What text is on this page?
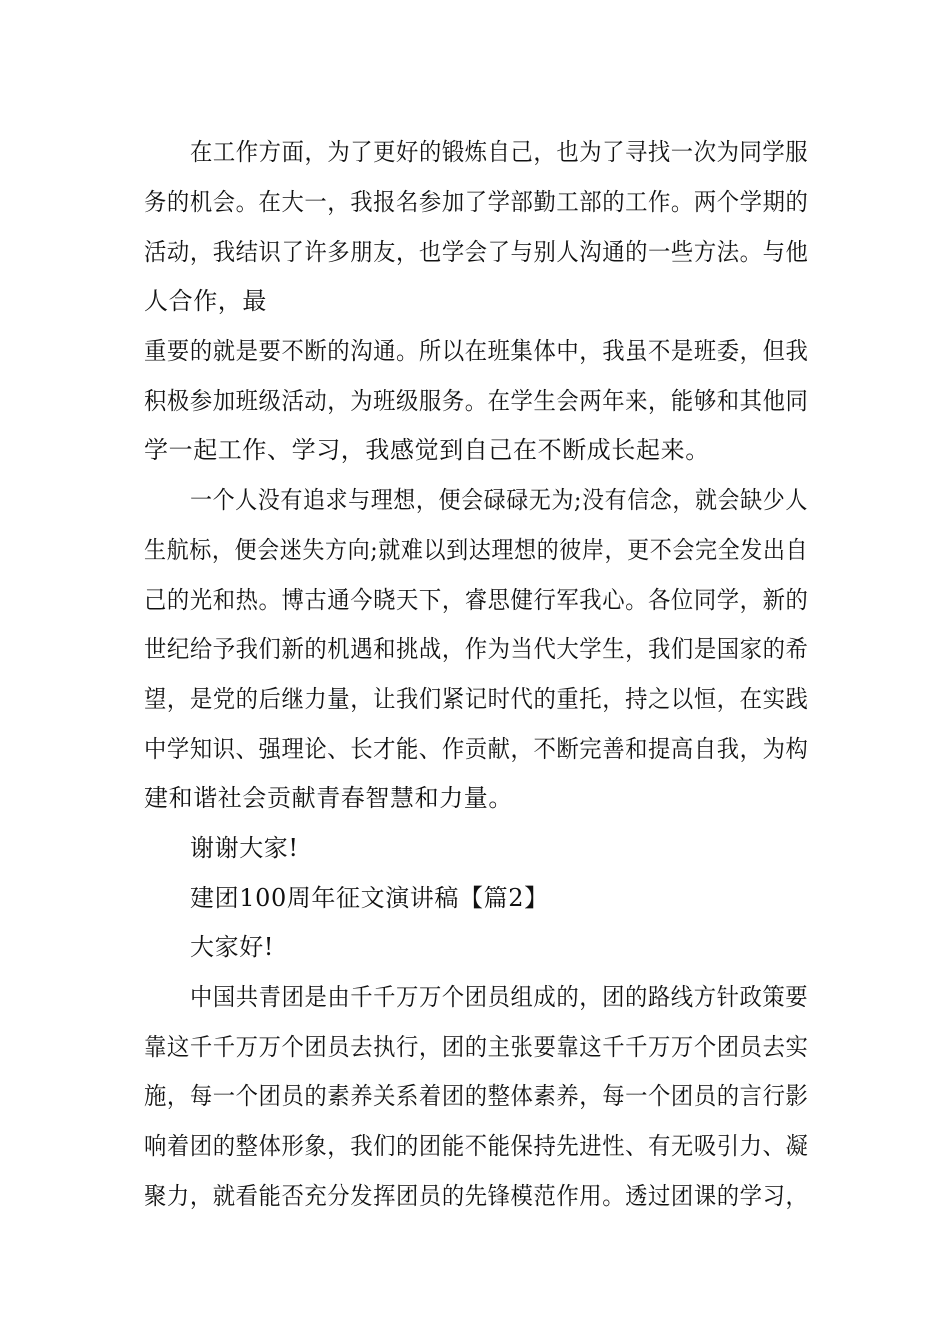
在工作方面，为了更好的锻炼自己，也为了寻找一次为同学服
务的机会。在大一，我报名参加了学部勤工部的工作。两个学期的
活动，我结识了许多朋友，也学会了与别人沟通的一些方法。与他
人合作，最
重要的就是要不断的沟通。所以在班集体中，我虽不是班委，但我
积极参加班级活动，为班级服务。在学生会两年来，能够和其他同
学一起工作、学习，我感觉到自己在不断成长起来。
一个人没有追求与理想，便会碌碌无为;没有信念，就会缺少人
生航标，便会迷失方向;就难以到达理想的彼岸，更不会完全发出自
己的光和热。博古通今晓天下，睿思健行军我心。各位同学，新的
世纪给予我们新的机遇和挑战，作为当代大学生，我们是国家的希
望，是党的后继力量，让我们紧记时代的重托，持之以恒，在实践
中学知识、强理论、长才能、作贡献，不断完善和提高自我，为构
建和谐社会贡献青春智慧和力量。
谢谢大家!
建团100周年征文演讲稿【篇2】
大家好!
中国共青团是由千千万万个团员组成的，团的路线方针政策要
靠这千千万万个团员去执行，团的主张要靠这千千万万个团员去实
施，每一个团员的素养关系着团的整体素养，每一个团员的言行影
响着团的整体形象，我们的团能不能保持先进性、有无吸引力、凝
聚力，就看能否充分发挥团员的先锋模范作用。透过团课的学习，
